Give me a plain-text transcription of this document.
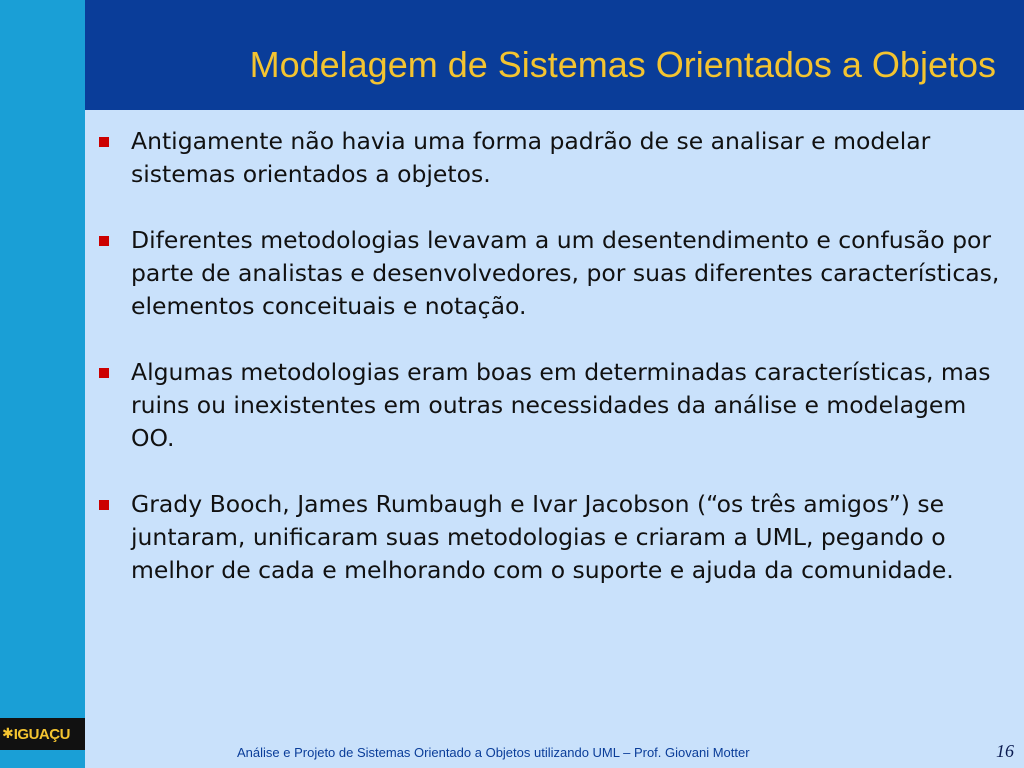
Modelagem de Sistemas Orientados a Objetos
Antigamente não havia uma forma padrão de se analisar e modelar sistemas orientados a objetos.
Diferentes metodologias levavam a um desentendimento e confusão por parte de analistas e desenvolvedores, por suas diferentes características, elementos conceituais e notação.
Algumas metodologias eram boas em determinadas características, mas ruins ou inexistentes em outras necessidades da análise e modelagem OO.
Grady Booch, James Rumbaugh e Ivar Jacobson (“os três amigos”) se juntaram, unificaram suas metodologias e criaram a UML, pegando o melhor de cada e melhorando com o suporte e ajuda da comunidade.
✱ IGUAÇU
Análise e Projeto de Sistemas Orientado a Objetos utilizando UML – Prof. Giovani Motter	16
